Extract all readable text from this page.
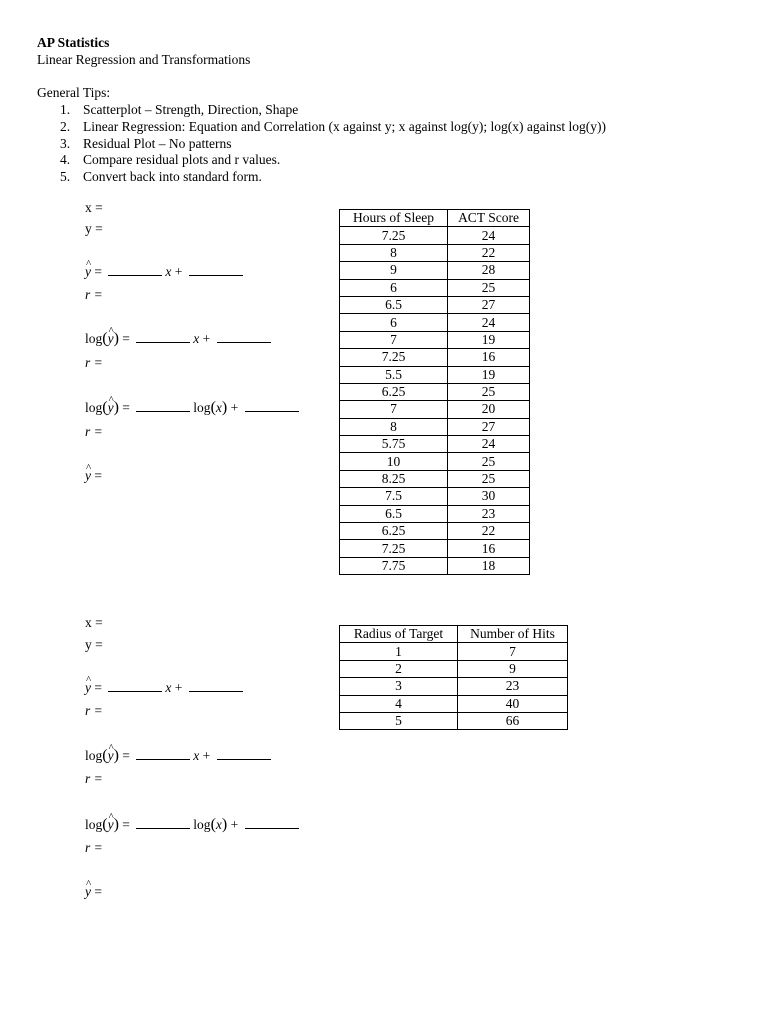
AP Statistics
Linear Regression and Transformations
General Tips:
1. Scatterplot – Strength, Direction, Shape
2. Linear Regression: Equation and Correlation (x against y; x against log(y); log(x) against log(y))
3. Residual Plot – No patterns
4. Compare residual plots and r values.
5. Convert back into standard form.
x =
y =
^ y =	x +
r =
log(^ y) =	x +
r =
log(^ y) =	log(x) +
r =
^ y =
Hours of Sleep	ACT Score
7.25	24
8	22
9	28
6	25
6.5	27
6	24
7	19
7.25	16
5.5	19
6.25	25
7	20
8	27
5.75	24
10	25
8.25	25
7.5	30
6.5	23
6.25	22
7.25	16
7.75	18
x =
y =
^ y =	x +
r =
log(^ y) =	x +
r =
log(^ y) =	log(x) +
r =
^ y =
Radius of Target	Number of Hits
1	7
2	9
3	23
4	40
5	66
